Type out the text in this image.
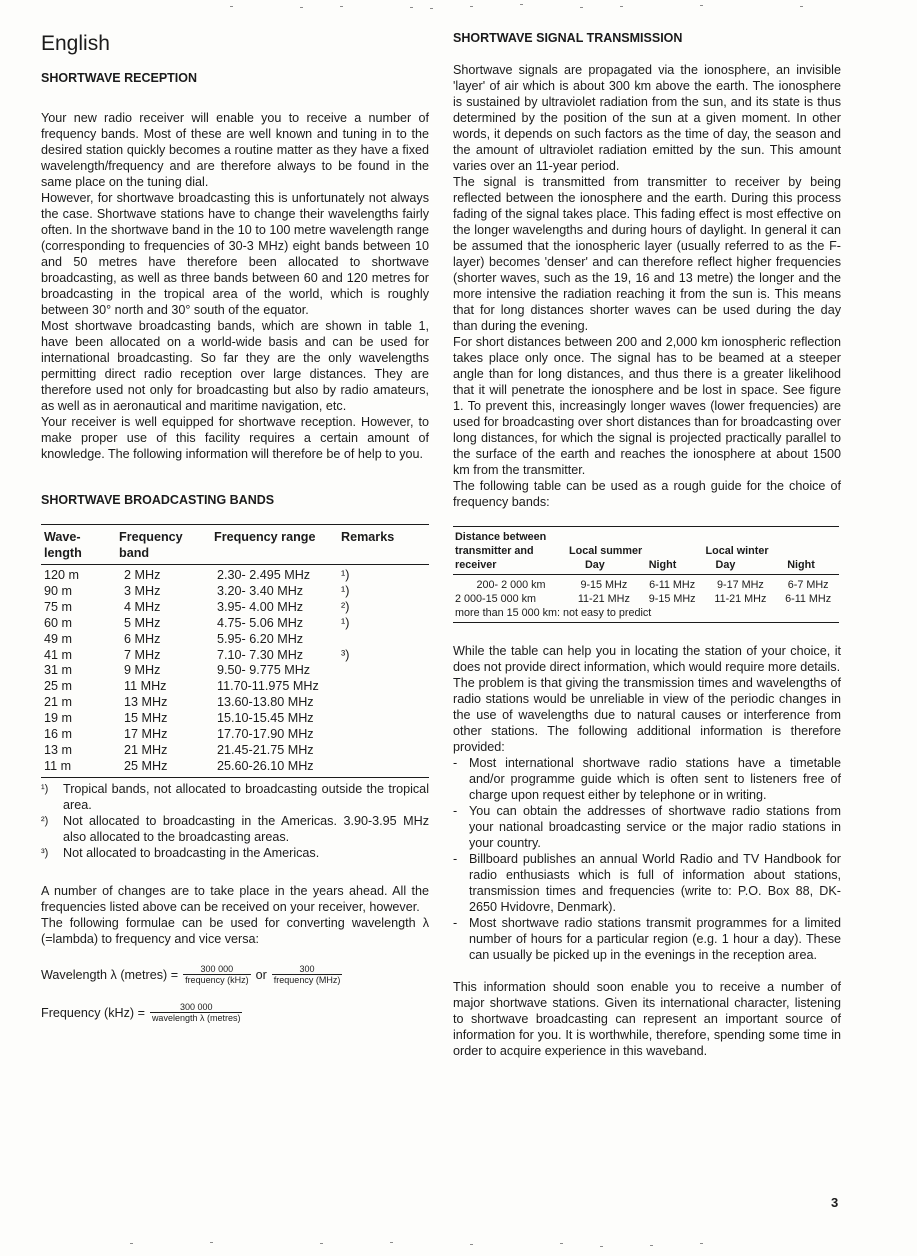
English
SHORTWAVE RECEPTION

Your new radio receiver will enable you to receive a number of frequency bands. Most of these are well known and tuning in to the desired station quickly becomes a routine matter as they have a fixed wavelength/frequency and are therefore always to be found in the same place on the tuning dial.

However, for shortwave broadcasting this is unfortunately not always the case. Shortwave stations have to change their wavelengths fairly often. In the shortwave band in the 10 to 100 metre wavelength range (corresponding to frequencies of 30-3 MHz) eight bands between 10 and 50 metres have therefore been allocated to shortwave broadcasting, as well as three bands between 60 and 120 metres for broadcasting in the tropical area of the world, which is roughly between 30° north and 30° south of the equator.

Most shortwave broadcasting bands, which are shown in table 1, have been allocated on a world-wide basis and can be used for international broadcasting. So far they are the only wavelengths permitting direct radio reception over large distances. They are therefore used not only for broadcasting but also by radio amateurs, as well as in aeronautical and maritime navigation, etc.

Your receiver is well equipped for shortwave reception. However, to make proper use of this facility requires a certain amount of knowledge. The following information will therefore be of help to you.

SHORTWAVE BROADCASTING BANDS
Wave-
length	Frequency
band	Frequency range	Remarks
120 m	2 MHz	2.30- 2.495 MHz	¹)
90 m	3 MHz	3.20- 3.40 MHz	¹)
75 m	4 MHz	3.95- 4.00 MHz	²)
60 m	5 MHz	4.75- 5.06 MHz	¹)
49 m	6 MHz	5.95- 6.20 MHz	
41 m	7 MHz	7.10- 7.30 MHz	³)
31 m	9 MHz	9.50- 9.775 MHz	
25 m	11 MHz	11.70-11.975 MHz	
21 m	13 MHz	13.60-13.80 MHz	
19 m	15 MHz	15.10-15.45 MHz	
16 m	17 MHz	17.70-17.90 MHz	
13 m	21 MHz	21.45-21.75 MHz	
11 m	25 MHz	25.60-26.10 MHz	
¹)	Tropical bands, not allocated to broadcasting outside the tropical area.
²)	Not allocated to broadcasting in the Americas. 3.90-3.95 MHz also allocated to the broadcasting areas.
³)	Not allocated to broadcasting in the Americas.

A number of changes are to take place in the years ahead. All the frequencies listed above can be received on your receiver, however.

The following formulae can be used for converting wavelength λ (=lambda) to frequency and vice versa:

Wavelength λ (metres) = $\frac{300 000}{\text{frequency (kHz)}}$ or $\frac{300}{\text{frequency (MHz)}}$
Frequency $(kHz) = \frac{300 000}{\text{wavelength λ (metres)}}$
SHORTWAVE SIGNAL TRANSMISSION

Shortwave signals are propagated via the ionosphere, an invisible 'layer' of air which is about 300 km above the earth. The ionosphere is sustained by ultraviolet radiation from the sun, and its state is thus determined by the position of the sun at a given moment. In other words, it depends on such factors as the time of day, the season and the amount of ultraviolet radiation emitted by the sun. This amount varies over an 11-year period.

The signal is transmitted from transmitter to receiver by being reflected between the ionosphere and the earth. During this process fading of the signal takes place. This fading effect is most effective on the longer wavelengths and during hours of daylight. In general it can be assumed that the ionospheric layer (usually referred to as the F-layer) becomes 'denser' and can therefore reflect higher frequencies (shorter waves, such as the 19, 16 and 13 metre) the longer and the more intensive the radiation reaching it from the sun is. This means that for long distances shorter waves can be used during the day than during the evening.

For short distances between 200 and 2,000 km ionospheric reflection takes place only once. The signal has to be beamed at a steeper angle than for long distances, and thus there is a greater likelihood that it will penetrate the ionosphere and be lost in space. See figure 1. To prevent this, increasingly longer waves (lower frequencies) are used for broadcasting over short distances than for broadcasting over long distances, for which the signal is projected practically parallel to the surface of the earth and reaches the ionosphere at about 1500 km from the transmitter.

The following table can be used as a rough guide for the choice of frequency bands:

Distance between transmitter and receiver	Local summer		Local winter	
	Day	Night	Day	Night
200- 2 000 km	9-15 MHz	6-11 MHz	9-17 MHz	6-7 MHz
2 000-15 000 km	11-21 MHz	9-15 MHz	11-21 MHz	6-11 MHz
more than 15 000 km: not easy to predict				

While the table can help you in locating the station of your choice, it does not provide direct information, which would require more details.

The problem is that giving the transmission times and wavelengths of radio stations would be unreliable in view of the periodic changes in the use of wavelengths due to natural causes or interference from other stations. The following additional information is therefore provided:

- Most international shortwave radio stations have a timetable and/or programme guide which is often sent to listeners free of charge upon request either by telephone or in writing.
- You can obtain the addresses of shortwave radio stations from your national broadcasting service or the major radio stations in your country.
- Billboard publishes an annual World Radio and TV Handbook for radio enthusiasts which is full of information about stations, transmission times and frequencies (write to: P.O. Box 88, DK-2650 Hvidovre, Denmark).
- Most shortwave radio stations transmit programmes for a limited number of hours for a particular region (e.g. 1 hour a day). These can usually be picked up in the evenings in the reception area.

This information should soon enable you to receive a number of major shortwave stations. Given its international character, listening to shortwave broadcasting can represent an important source of information for you. It is worthwhile, therefore, spending some time in order to acquire experience in this waveband.

3
